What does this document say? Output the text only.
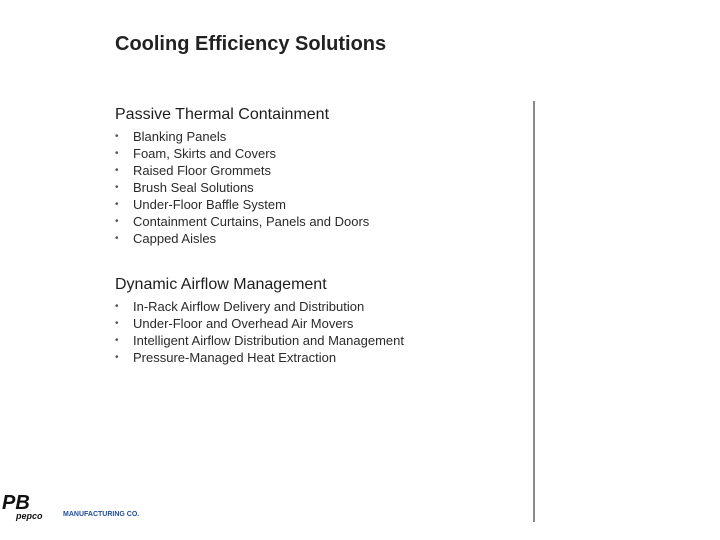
Cooling Efficiency Solutions
Passive Thermal Containment
• Blanking Panels
• Foam, Skirts and Covers
• Raised Floor Grommets
• Brush Seal Solutions
• Under-Floor Baffle System
• Containment Curtains, Panels and Doors
• Capped Aisles
Dynamic Airflow Management
• In-Rack Airflow Delivery and Distribution
• Under-Floor and Overhead Air Movers
• Intelligent Airflow Distribution and Management
• Pressure-Managed Heat Extraction
PB
pepco	MANUFACTURING CO.
